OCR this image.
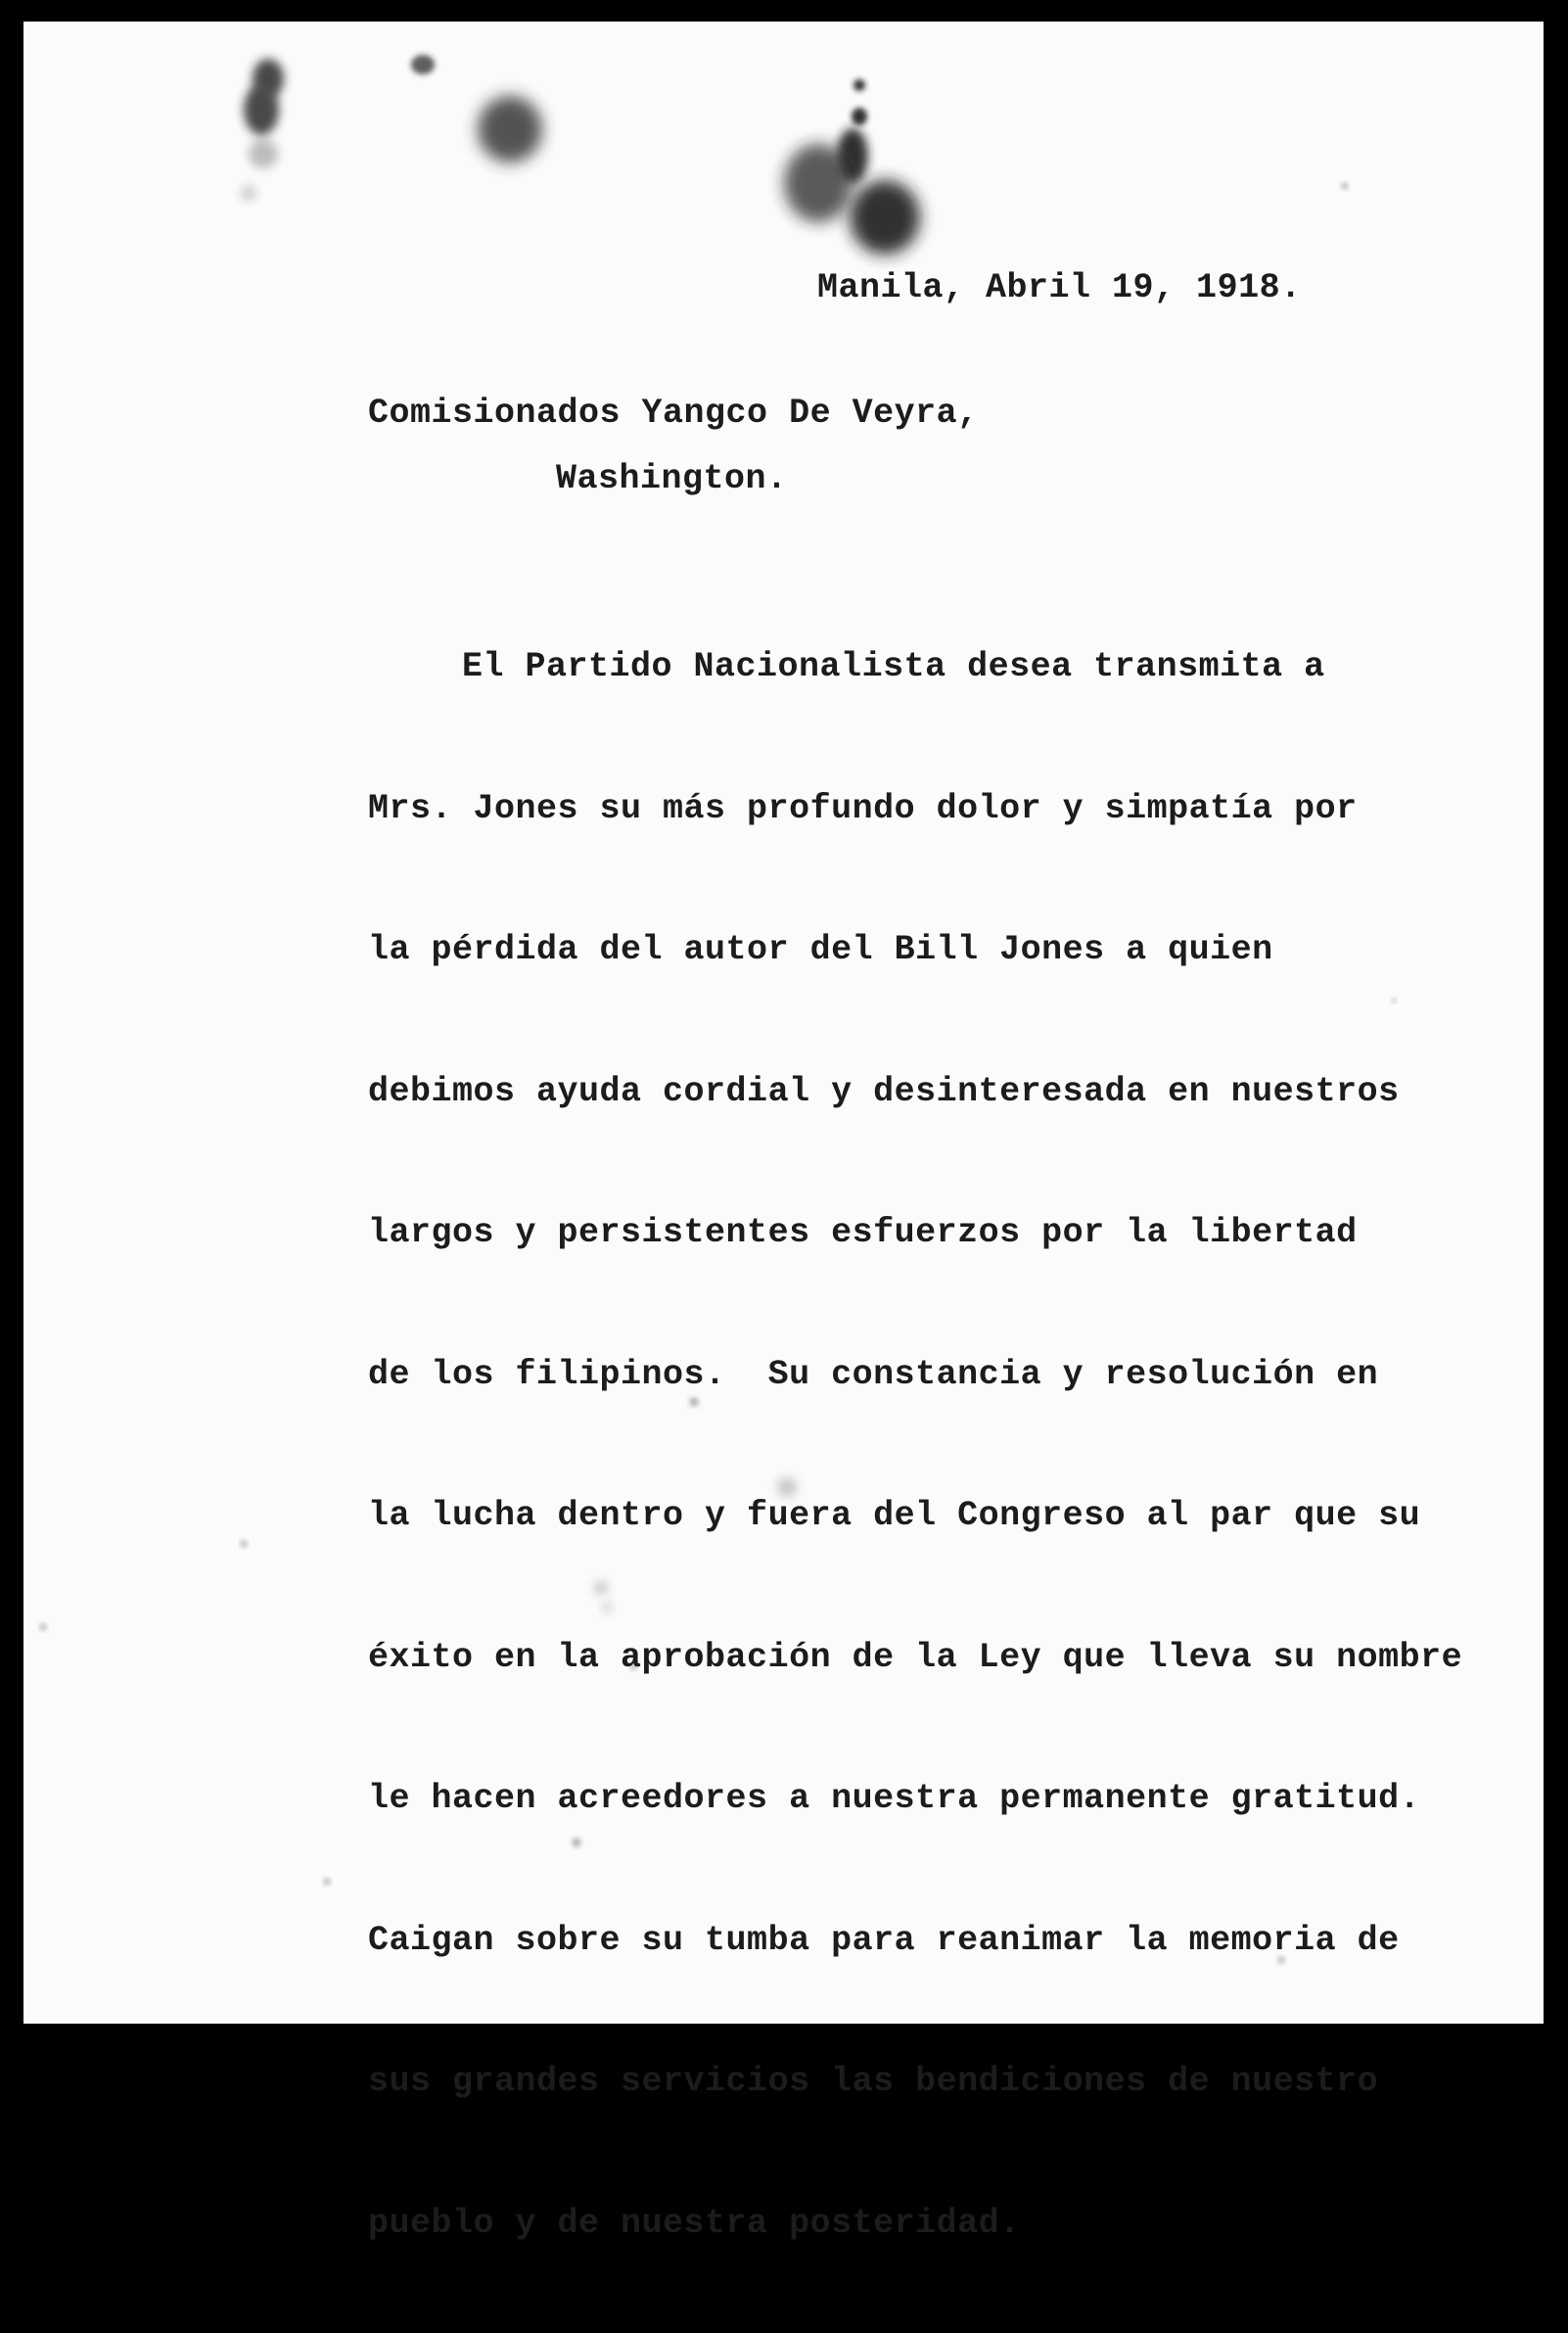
Manila, Abril 19, 1918.

Comisionados Yangco De Veyra,

Washington.

El Partido Nacionalista desea transmita a

Mrs. Jones su más profundo dolor y simpatía por

la pérdida del autor del Bill Jones a quien

debimos ayuda cordial y desinteresada en nuestros

largos y persistentes esfuerzos por la libertad

de los filipinos.  Su constancia y resolución en

la lucha dentro y fuera del Congreso al par que su

éxito en la aprobación de la Ley que lleva su nombre

le hacen acreedores a nuestra permanente gratitud.

Caigan sobre su tumba para reanimar la memoria de

sus grandes servicios las bendiciones de nuestro

pueblo y de nuestra posteridad.
